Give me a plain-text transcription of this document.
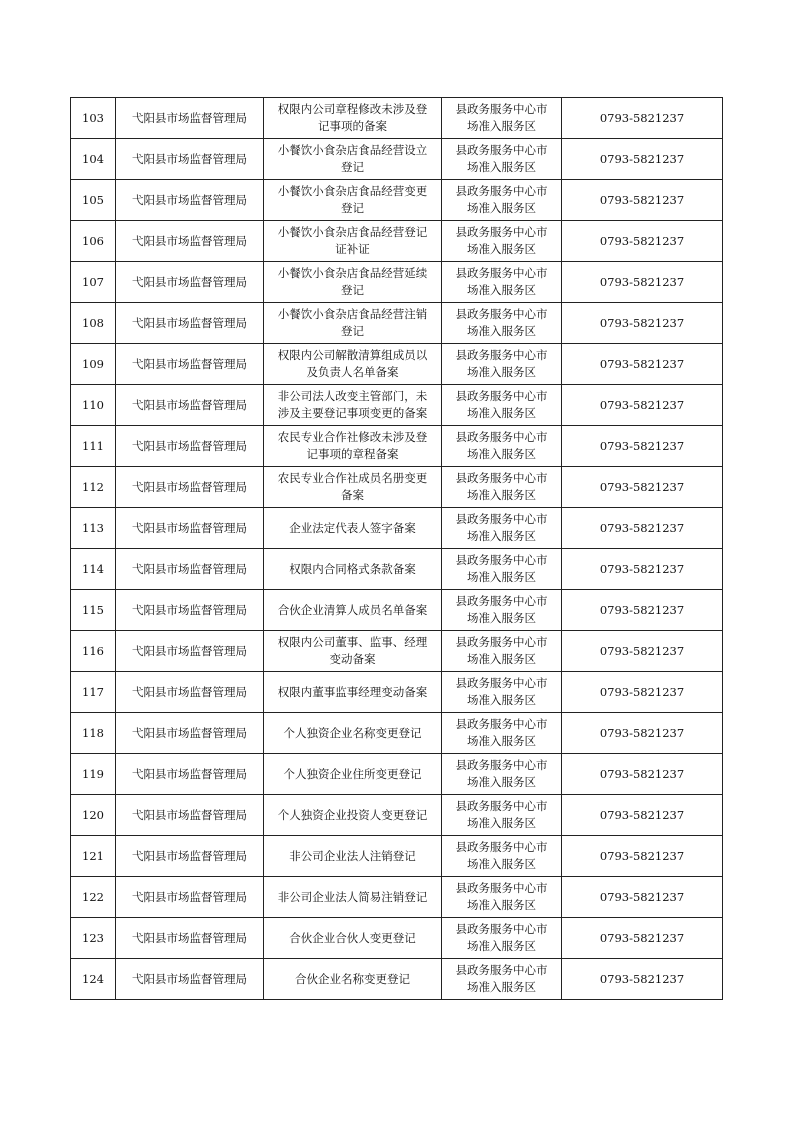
103	弋阳县市场监督管理局	权限内公司章程修改未涉及登记事项的备案	县政务服务中心市场准入服务区	0793-5821237

104	弋阳县市场监督管理局	小餐饮小食杂店食品经营设立登记	县政务服务中心市场准入服务区	0793-5821237

105	弋阳县市场监督管理局	小餐饮小食杂店食品经营变更登记	县政务服务中心市场准入服务区	0793-5821237

106	弋阳县市场监督管理局	小餐饮小食杂店食品经营登记证补证	县政务服务中心市场准入服务区	0793-5821237

107	弋阳县市场监督管理局	小餐饮小食杂店食品经营延续登记	县政务服务中心市场准入服务区	0793-5821237

108	弋阳县市场监督管理局	小餐饮小食杂店食品经营注销登记	县政务服务中心市场准入服务区	0793-5821237

109	弋阳县市场监督管理局	权限内公司解散清算组成员以及负责人名单备案	县政务服务中心市场准入服务区	0793-5821237

110	弋阳县市场监督管理局	非公司法人改变主管部门，未涉及主要登记事项变更的备案	县政务服务中心市场准入服务区	0793-5821237

111	弋阳县市场监督管理局	农民专业合作社修改未涉及登记事项的章程备案	县政务服务中心市场准入服务区	0793-5821237

112	弋阳县市场监督管理局	农民专业合作社成员名册变更备案	县政务服务中心市场准入服务区	0793-5821237

113	弋阳县市场监督管理局	企业法定代表人签字备案	县政务服务中心市场准入服务区	0793-5821237

114	弋阳县市场监督管理局	权限内合同格式条款备案	县政务服务中心市场准入服务区	0793-5821237

115	弋阳县市场监督管理局	合伙企业清算人成员名单备案	县政务服务中心市场准入服务区	0793-5821237

116	弋阳县市场监督管理局	权限内公司董事、监事、经理变动备案	县政务服务中心市场准入服务区	0793-5821237

117	弋阳县市场监督管理局	权限内董事监事经理变动备案	县政务服务中心市场准入服务区	0793-5821237

118	弋阳县市场监督管理局	个人独资企业名称变更登记	县政务服务中心市场准入服务区	0793-5821237

119	弋阳县市场监督管理局	个人独资企业住所变更登记	县政务服务中心市场准入服务区	0793-5821237

120	弋阳县市场监督管理局	个人独资企业投资人变更登记	县政务服务中心市场准入服务区	0793-5821237

121	弋阳县市场监督管理局	非公司企业法人注销登记	县政务服务中心市场准入服务区	0793-5821237

122	弋阳县市场监督管理局	非公司企业法人简易注销登记	县政务服务中心市场准入服务区	0793-5821237

123	弋阳县市场监督管理局	合伙企业合伙人变更登记	县政务服务中心市场准入服务区	0793-5821237

124	弋阳县市场监督管理局	合伙企业名称变更登记	县政务服务中心市场准入服务区	0793-5821237
